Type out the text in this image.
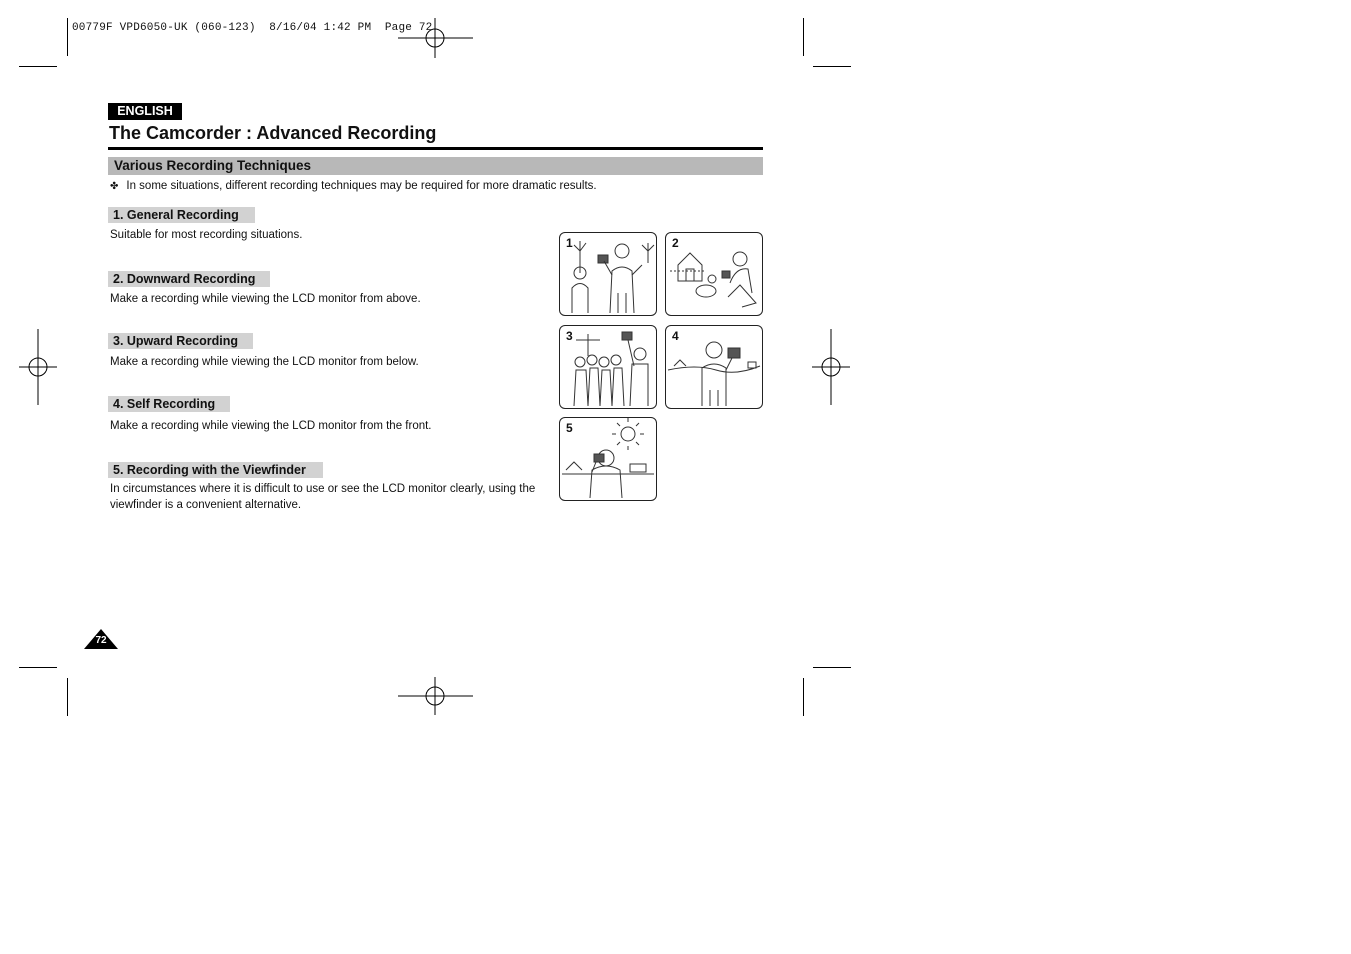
00779F VPD6050-UK (060-123)  8/16/04 1:42 PM  Page 72
ENGLISH
The Camcorder : Advanced Recording
Various Recording Techniques
✤ In some situations, different recording techniques may be required for more dramatic results.
1. General Recording
Suitable for most recording situations.
2. Downward Recording
Make a recording while viewing the LCD monitor from above.
3. Upward Recording
Make a recording while viewing the LCD monitor from below.
4. Self Recording
Make a recording while viewing the LCD monitor from the front.
5. Recording with the Viewfinder
In circumstances where it is difficult to use or see the LCD monitor clearly, using the
viewfinder is a convenient alternative.
1	2
3	4
5
72
